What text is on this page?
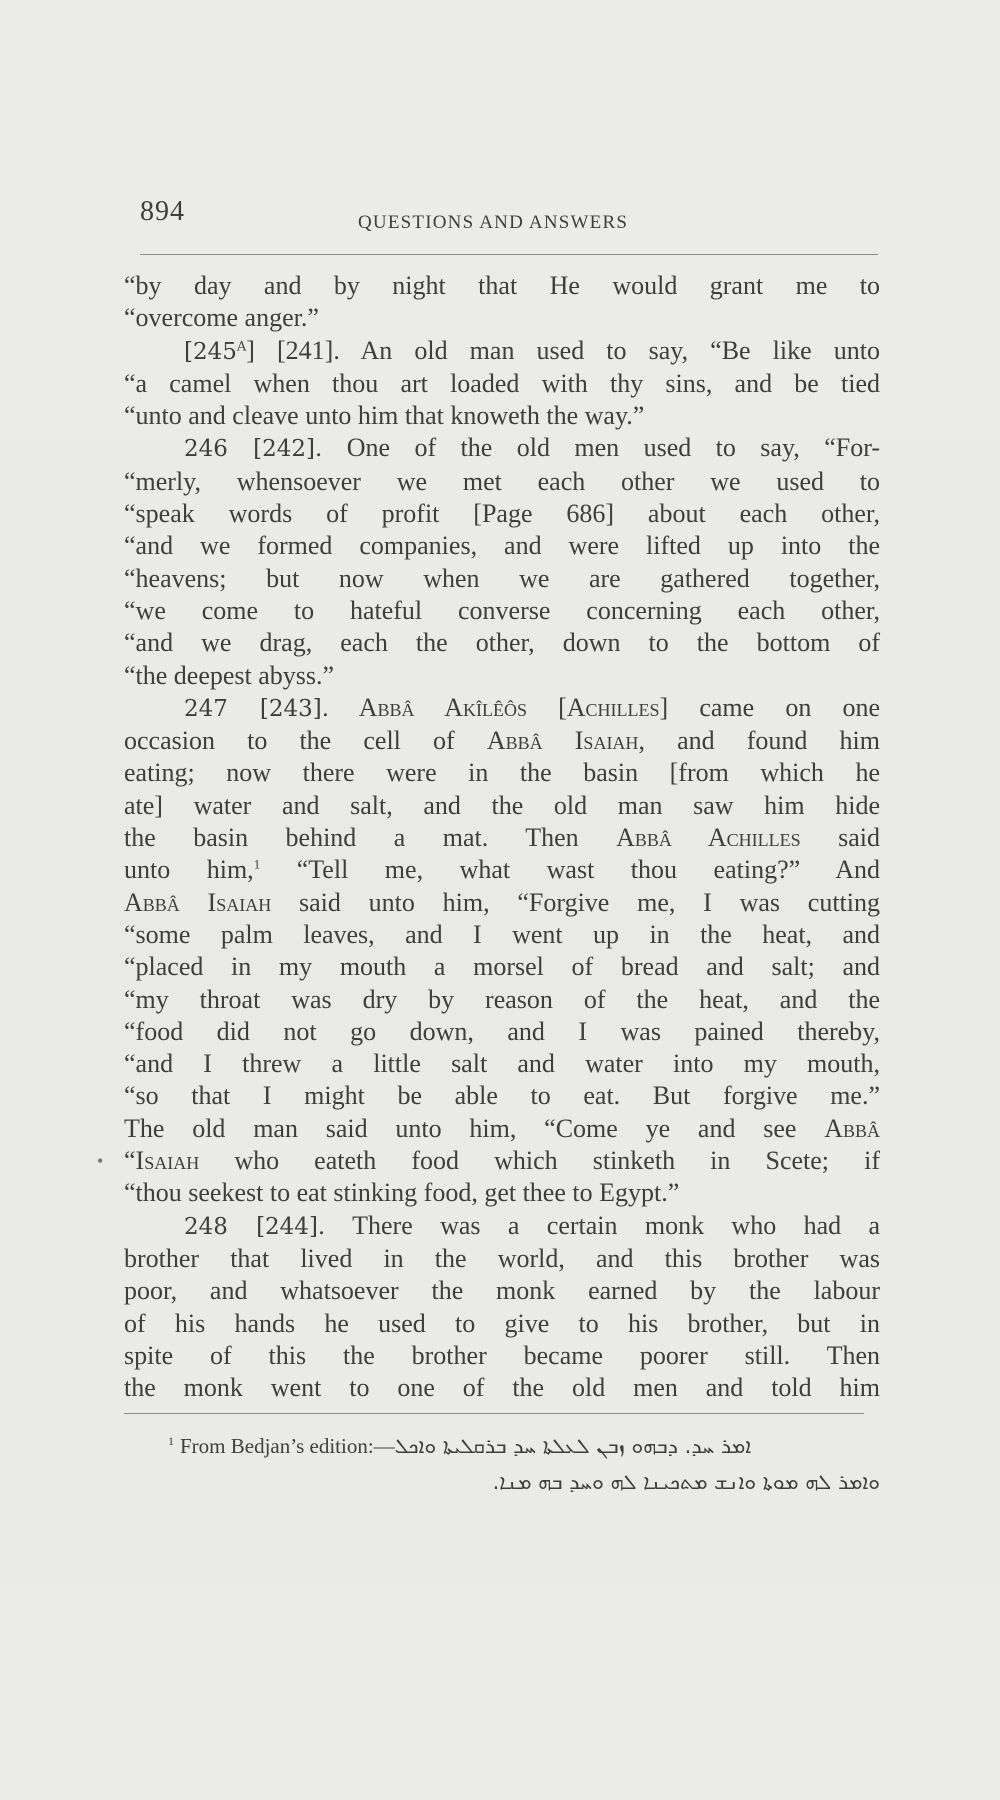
894	QUESTIONS AND ANSWERS
“by day and by night that He would grant me to
“overcome anger.”
$[245^A]$ [241]. An old man used to say, “Be like unto
“a camel when thou art loaded with thy sins, and be tied
“unto and cleave unto him that knoweth the way.”
246 [242]. One of the old men used to say, “For-
“merly, whensoever we met each other we used to
“speak words of profit [Page 686] about each other,
“and we formed companies, and were lifted up into the
“heavens; but now when we are gathered together,
“we come to hateful converse concerning each other,
“and we drag, each the other, down to the bottom of
“the deepest abyss.”
247 [243]. Abbâ Akîlêôs [Achilles] came on one
occasion to the cell of Abbâ Isaiah, and found him
eating; now there were in the basin [from which he
ate] water and salt, and the old man saw him hide
the basin behind a mat. Then Abbâ Achilles said
unto him,$^1$ “Tell me, what wast thou eating?” And
Abbâ Isaiah said unto him, “Forgive me, I was cutting
“some palm leaves, and I went up in the heat, and
“placed in my mouth a morsel of bread and salt; and
“my throat was dry by reason of the heat, and the
“food did not go down, and I was pained thereby,
“and I threw a little salt and water into my mouth,
“so that I might be able to eat. But forgive me.”
The old man said unto him, “Come ye and see Abbâ
“Isaiah who eateth food which stinketh in Scete; if
“thou seekest to eat stinking food, get thee to Egypt.”
248 [244]. There was a certain monk who had a
brother that lived in the world, and this brother was
poor, and whatsoever the monk earned by the labour
of his hands he used to give to his brother, but in
spite of this the brother became poorer still. Then
the monk went to one of the old men and told him
•
$^1$ From Bedjan’s edition:—ܐܡܪ ܚܕ. ܕܒܗܘ ܙܒܢ ܠܥܠܬܐ ܚܕ ܒܪܩܠܝܬܐ ܘܐܟܠ
ܘܐܡܪ ܠܗ ܡܘܬܐ ܘܐܢܫ ܡܬܟܝܢܐ ܠܗ ܘܚܕ ܒܗ ܡܢܐ.
